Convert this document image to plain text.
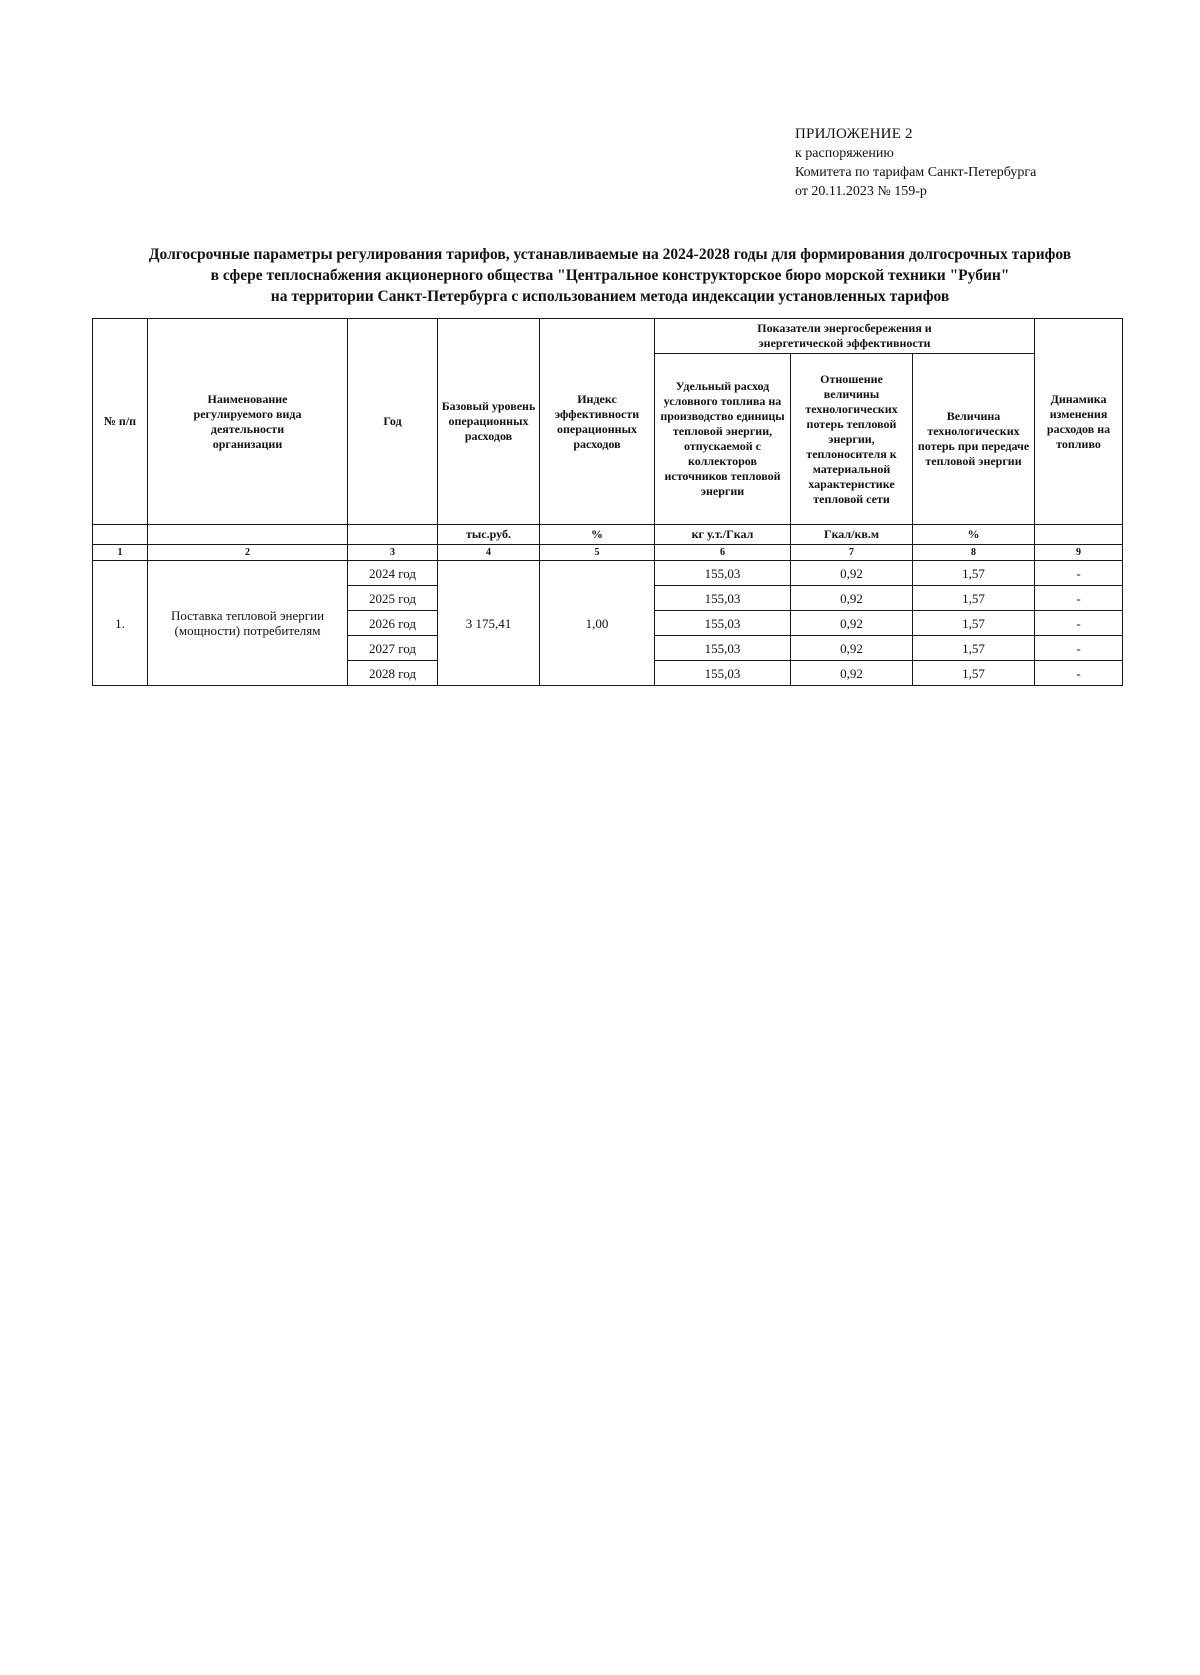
ПРИЛОЖЕНИЕ 2
к распоряжению
Комитета по тарифам Санкт-Петербурга
от 20.11.2023 № 159-р
Долгосрочные параметры регулирования тарифов, устанавливаемые на 2024-2028 годы для формирования долгосрочных тарифов
в сфере теплоснабжения акционерного общества "Центральное конструкторское бюро морской техники "Рубин"
на территории Санкт-Петербурга с использованием метода индексации установленных тарифов
№ п/п	Наименование регулируемого вида деятельности организации	Год	Базовый уровень операционных расходов	Индекс эффективности операционных расходов	Показатели энергосбережения и энергетической эффективности			Динамика изменения расходов на топливо
					Удельный расход условного топлива на производство единицы тепловой энергии, отпускаемой с коллекторов источников тепловой энергии	Отношение величины технологических потерь тепловой энергии, теплоносителя к материальной характеристике тепловой сети	Величина технологических потерь при передаче тепловой энергии	
			тыс.руб.	%	кг у.т./Гкал	Гкал/кв.м	%	
1	2	3	4	5	6	7	8	9
1.	Поставка тепловой энергии (мощности) потребителям	2024 год	3 175,41	1,00	155,03	0,92	1,57	-
		2025 год			155,03	0,92	1,57	-
		2026 год			155,03	0,92	1,57	-
		2027 год			155,03	0,92	1,57	-
		2028 год			155,03	0,92	1,57	-
